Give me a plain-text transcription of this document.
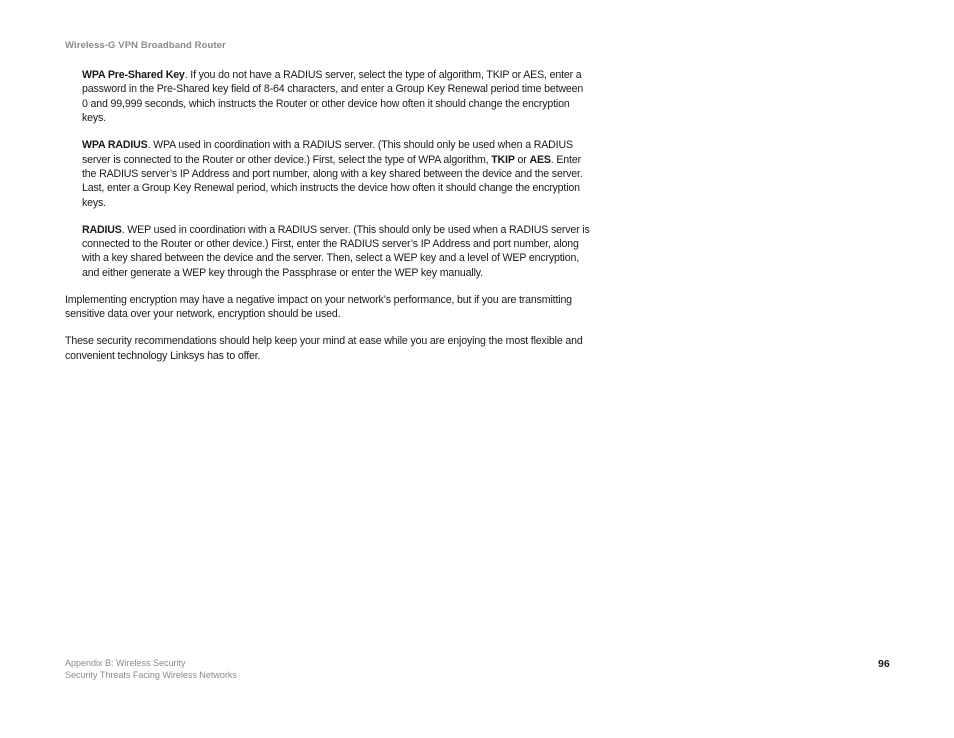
Wireless-G VPN Broadband Router

WPA Pre-Shared Key. If you do not have a RADIUS server, select the type of algorithm, TKIP or AES, enter a password in the Pre-Shared key field of 8-64 characters, and enter a Group Key Renewal period time between 0 and 99,999 seconds, which instructs the Router or other device how often it should change the encryption keys.

WPA RADIUS. WPA used in coordination with a RADIUS server. (This should only be used when a RADIUS server is connected to the Router or other device.) First, select the type of WPA algorithm, TKIP or AES. Enter the RADIUS server’s IP Address and port number, along with a key shared between the device and the server. Last, enter a Group Key Renewal period, which instructs the device how often it should change the encryption keys.

RADIUS. WEP used in coordination with a RADIUS server. (This should only be used when a RADIUS server is connected to the Router or other device.) First, enter the RADIUS server’s IP Address and port number, along with a key shared between the device and the server. Then, select a WEP key and a level of WEP encryption, and either generate a WEP key through the Passphrase or enter the WEP key manually.

Implementing encryption may have a negative impact on your network’s performance, but if you are transmitting sensitive data over your network, encryption should be used.

These security recommendations should help keep your mind at ease while you are enjoying the most flexible and convenient technology Linksys has to offer.

Appendix B: Wireless Security
Security Threats Facing Wireless Networks
96
